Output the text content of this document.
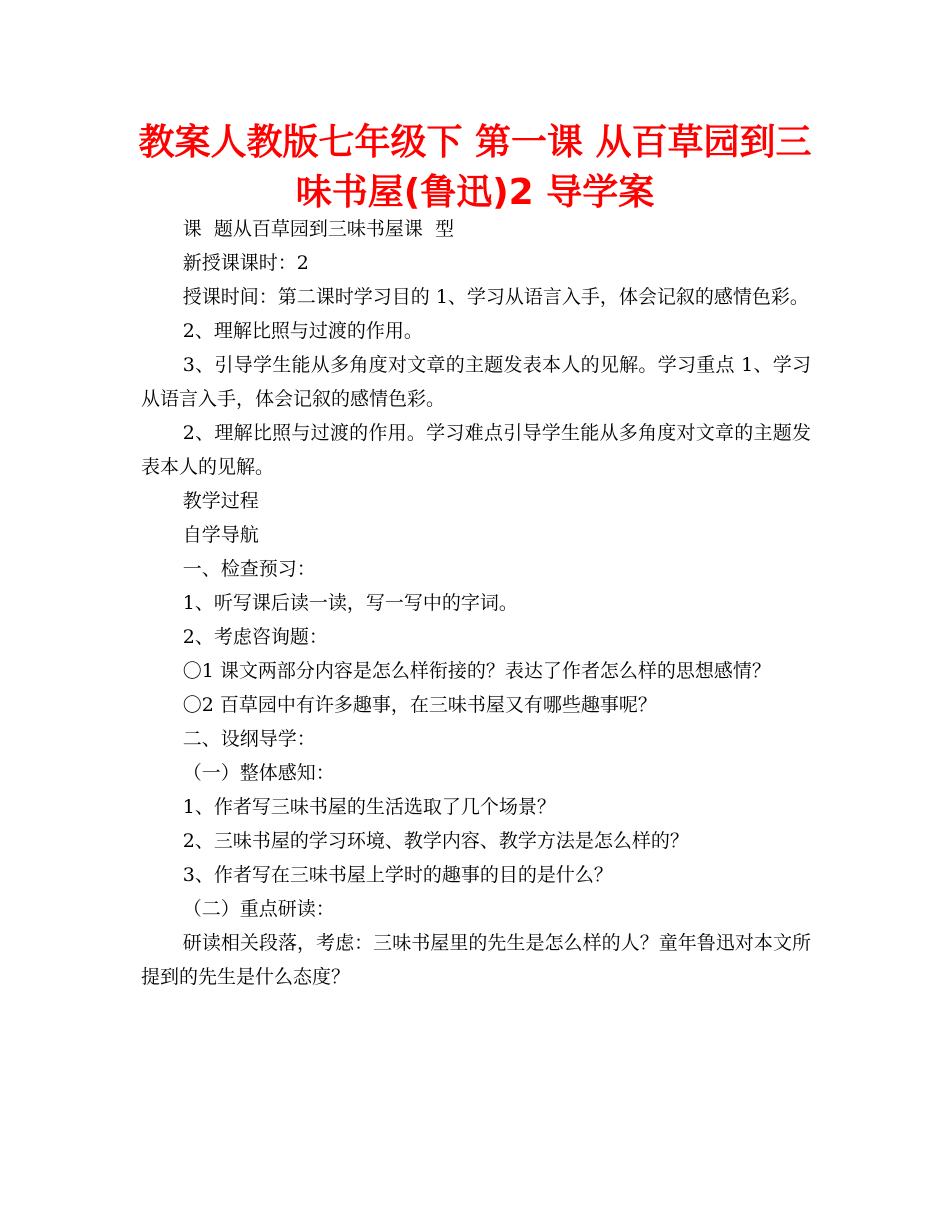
教案人教版七年级下 第一课 从百草园到三味书屋(鲁迅)2 导学案

课  题从百草园到三味书屋课  型

新授课课时：2

授课时间：第二课时学习目的 1、学习从语言入手，体会记叙的感情色彩。

2、理解比照与过渡的作用。

3、引导学生能从多角度对文章的主题发表本人的见解。学习重点 1、学习从语言入手，体会记叙的感情色彩。

2、理解比照与过渡的作用。学习难点引导学生能从多角度对文章的主题发表本人的见解。

教学过程

自学导航

一、检查预习：

1、听写课后读一读，写一写中的字词。

2、考虑咨询题：

〇1 课文两部分内容是怎么样衔接的？表达了作者怎么样的思想感情？

〇2 百草园中有许多趣事，在三味书屋又有哪些趣事呢？

二、设纲导学：

（一）整体感知：

1、作者写三味书屋的生活选取了几个场景？

2、三味书屋的学习环境、教学内容、教学方法是怎么样的？

3、作者写在三味书屋上学时的趣事的目的是什么？

（二）重点研读：

研读相关段落，考虑：三味书屋里的先生是怎么样的人？童年鲁迅对本文所提到的先生是什么态度？
